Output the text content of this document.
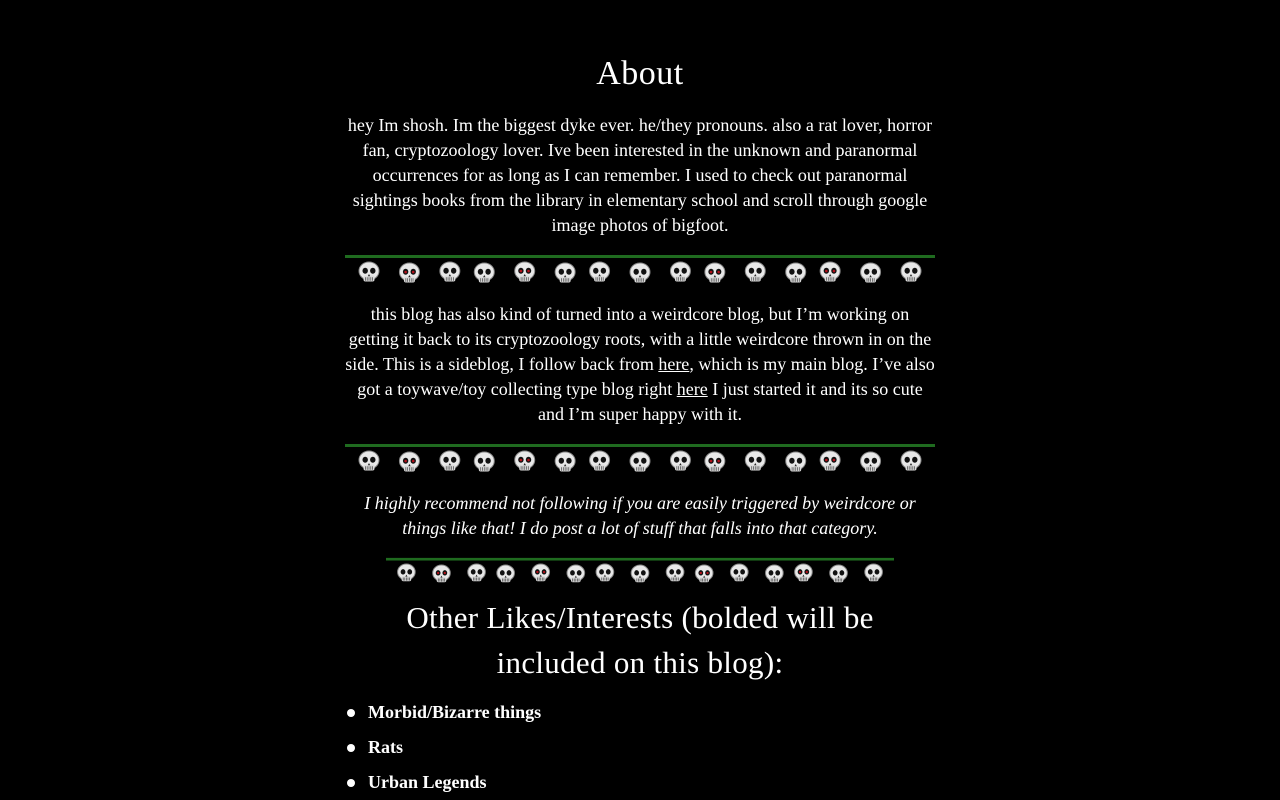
About

hey Im shosh. Im the biggest dyke ever. he/they pronouns. also a rat lover, horror fan, cryptozoology lover. Ive been interested in the unknown and paranormal occurrences for as long as I can remember. I used to check out paranormal sightings books from the library in elementary school and scroll through google image photos of bigfoot.

this blog has also kind of turned into a weirdcore blog, but I’m working on getting it back to its cryptozoology roots, with a little weirdcore thrown in on the side. This is a sideblog, I follow back from here, which is my main blog. I’ve also got a toywave/toy collecting type blog right here I just started it and its so cute and I’m super happy with it.

I highly recommend not following if you are easily triggered by weirdcore or things like that! I do post a lot of stuff that falls into that category.

Other Likes/Interests (bolded will be included on this blog):
Morbid/Bizarre things
Rats
Urban Legends
